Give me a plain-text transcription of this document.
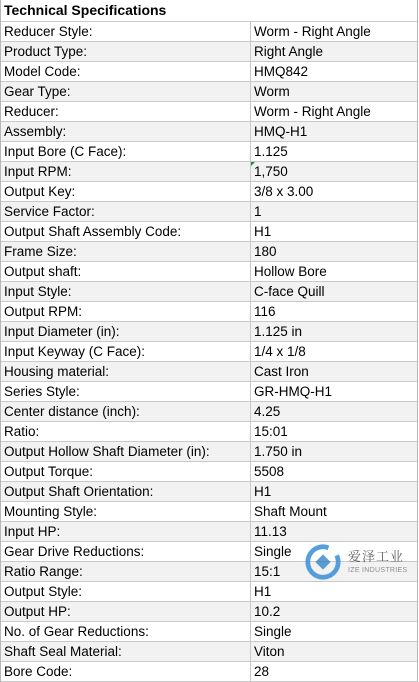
Technical Specifications
Reducer Style:	Worm - Right Angle
Product Type:	Right Angle
Model Code:	HMQ842
Gear Type:	Worm
Reducer:	Worm - Right Angle
Assembly:	HMQ-H1
Input Bore (C Face):	1.125
Input RPM:	1,750
Output Key:	3/8 x 3.00
Service Factor:	1
Output Shaft Assembly Code:	H1
Frame Size:	180
Output shaft:	Hollow Bore
Input Style:	C-face Quill
Output RPM:	116
Input Diameter (in):	1.125 in
Input Keyway (C Face):	1/4 x 1/8
Housing material:	Cast Iron
Series Style:	GR-HMQ-H1
Center distance (inch):	4.25
Ratio:	15:01
Output Hollow Shaft Diameter (in):	1.750 in
Output Torque:	5508
Output Shaft Orientation:	H1
Mounting Style:	Shaft Mount
Input HP:	11.13
Gear Drive Reductions:	Single
Ratio Range:	15:1
Output Style:	H1
Output HP:	10.2
No. of Gear Reductions:	Single
Shaft Seal Material:	Viton
Bore Code:	28
爱泽工业
IZE INDUSTRIES
